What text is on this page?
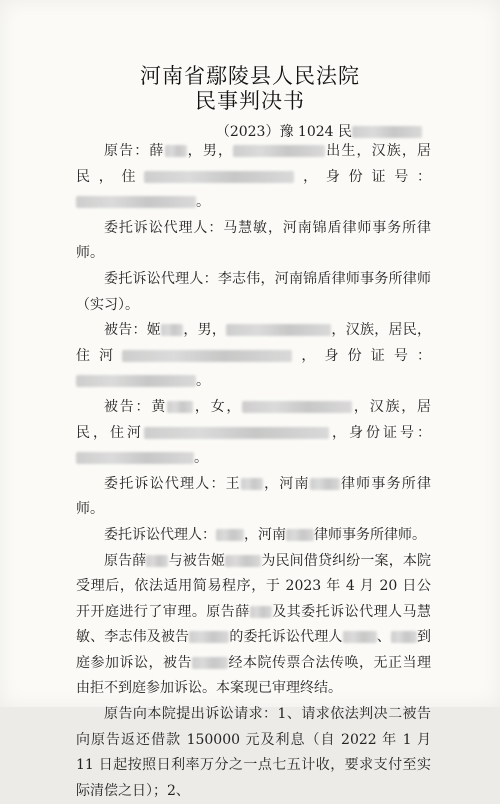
河南省鄢陵县人民法院
民事判决书
（2023）豫 1024 民

原告：薛 ，男，	出生，汉族，居民，住	，身份证号：。

委托诉讼代理人：马慧敏，河南锦盾律师事务所律师。

委托诉讼代理人：李志伟，河南锦盾律师事务所律师（实习）。

被告：姬 ，男，	，汉族，居民，住河	，身份证号：。

被告：黄 ，女，	，汉族，居民，住河	，身份证号：。

委托诉讼代理人：王 ，河南 律师事务所律师。

委托诉讼代理人： ，河南 律师事务所律师。

原告薛 与被告姬	为民间借贷纠纷一案，本院受理后，依法适用简易程序，于 2023 年 4 月 20 日公开开庭进行了审理。原告薛 及其委托诉讼代理人马慧敏、李志伟及被告	的委托诉讼代理人 、 到庭参加诉讼，被告	经本院传票合法传唤，无正当理由拒不到庭参加诉讼。本案现已审理终结。

原告向本院提出诉讼请求：1、请求依法判决二被告向原告返还借款 150000 元及利息（自 2022 年 1 月 11 日起按照日利率万分之一点七五计收，要求支付至实际清偿之日）；2、
